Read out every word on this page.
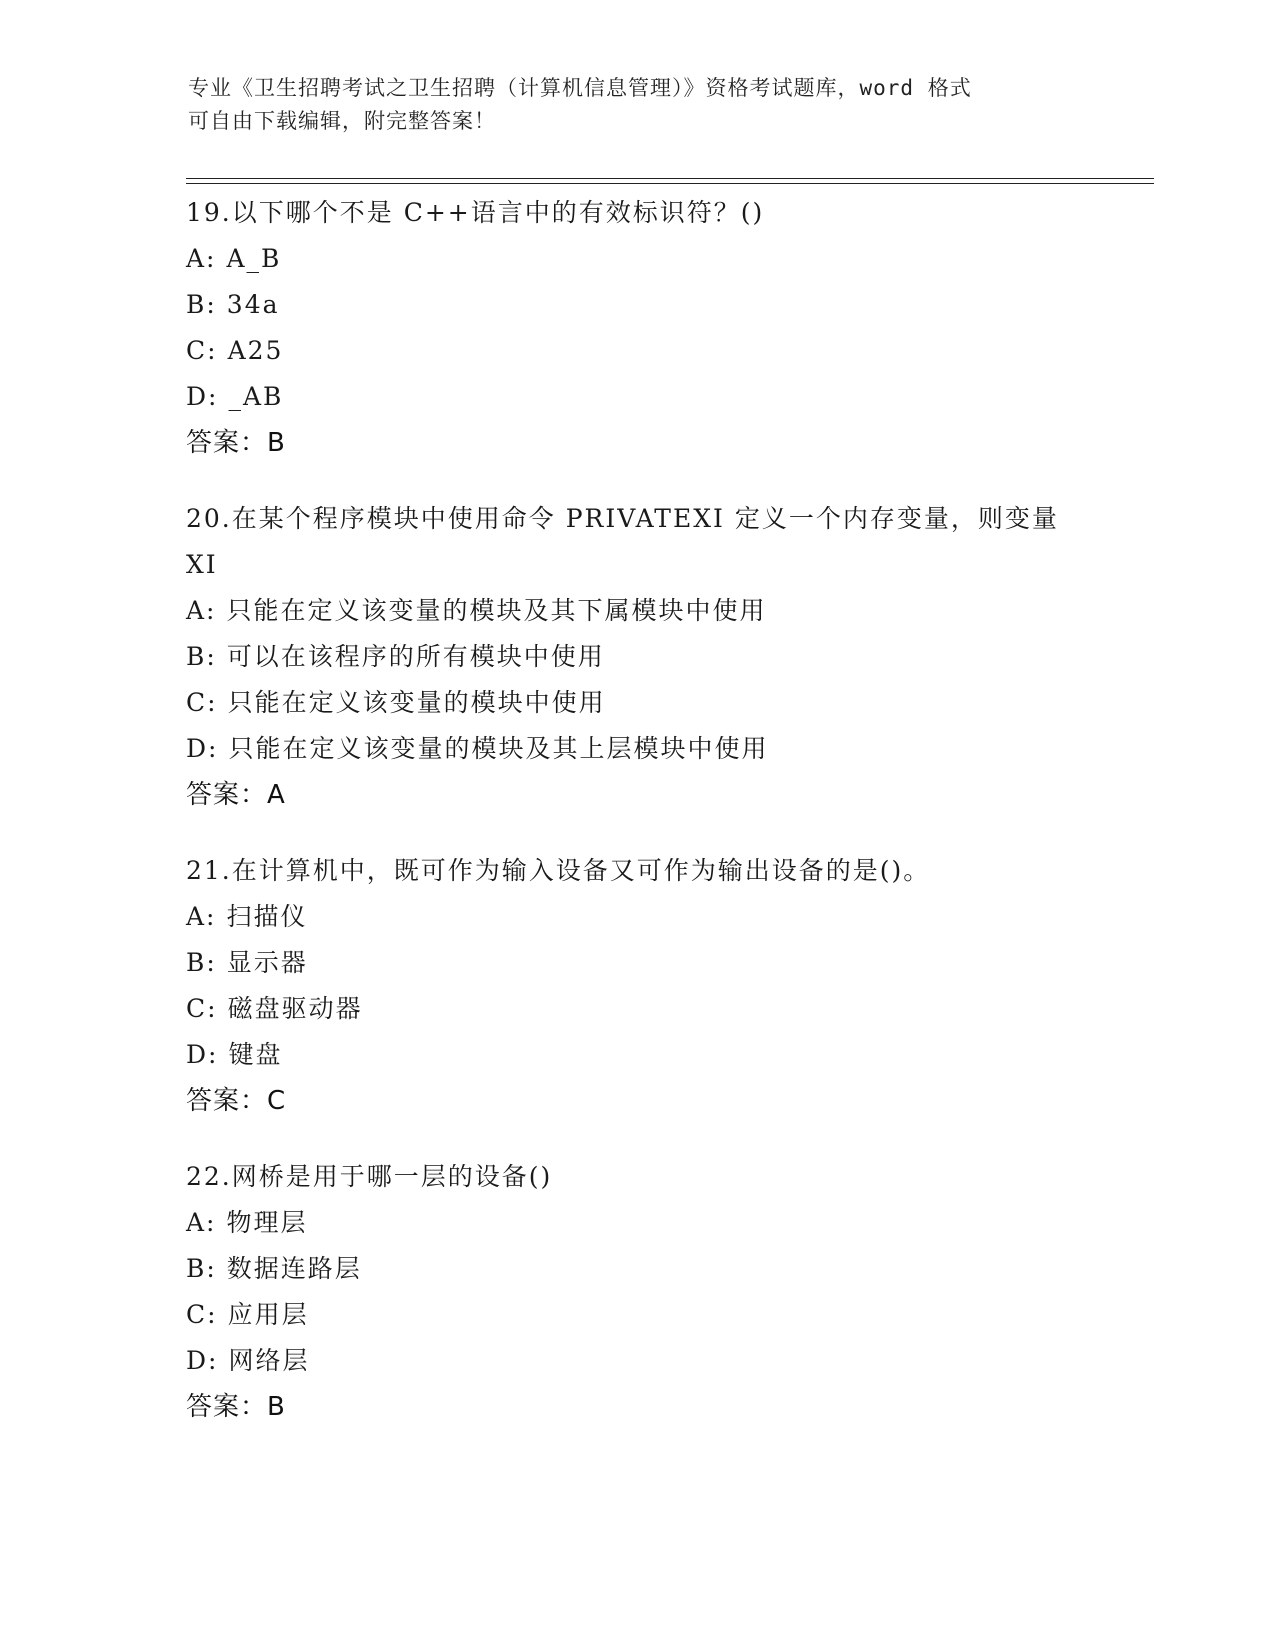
专业《卫生招聘考试之卫生招聘（计算机信息管理）》资格考试题库，word 格式
可自由下载编辑，附完整答案！
19.以下哪个不是 C++语言中的有效标识符？()
A: A_B
B: 34a
C: A25
D: _AB
答案：B
20.在某个程序模块中使用命令 PRIVATEXI 定义一个内存变量，则变量
XI
A: 只能在定义该变量的模块及其下属模块中使用
B: 可以在该程序的所有模块中使用
C: 只能在定义该变量的模块中使用
D: 只能在定义该变量的模块及其上层模块中使用
答案：A
21.在计算机中，既可作为输入设备又可作为输出设备的是()。
A: 扫描仪
B: 显示器
C: 磁盘驱动器
D: 键盘
答案：C
22.网桥是用于哪一层的设备()
A: 物理层
B: 数据连路层
C: 应用层
D: 网络层
答案：B
